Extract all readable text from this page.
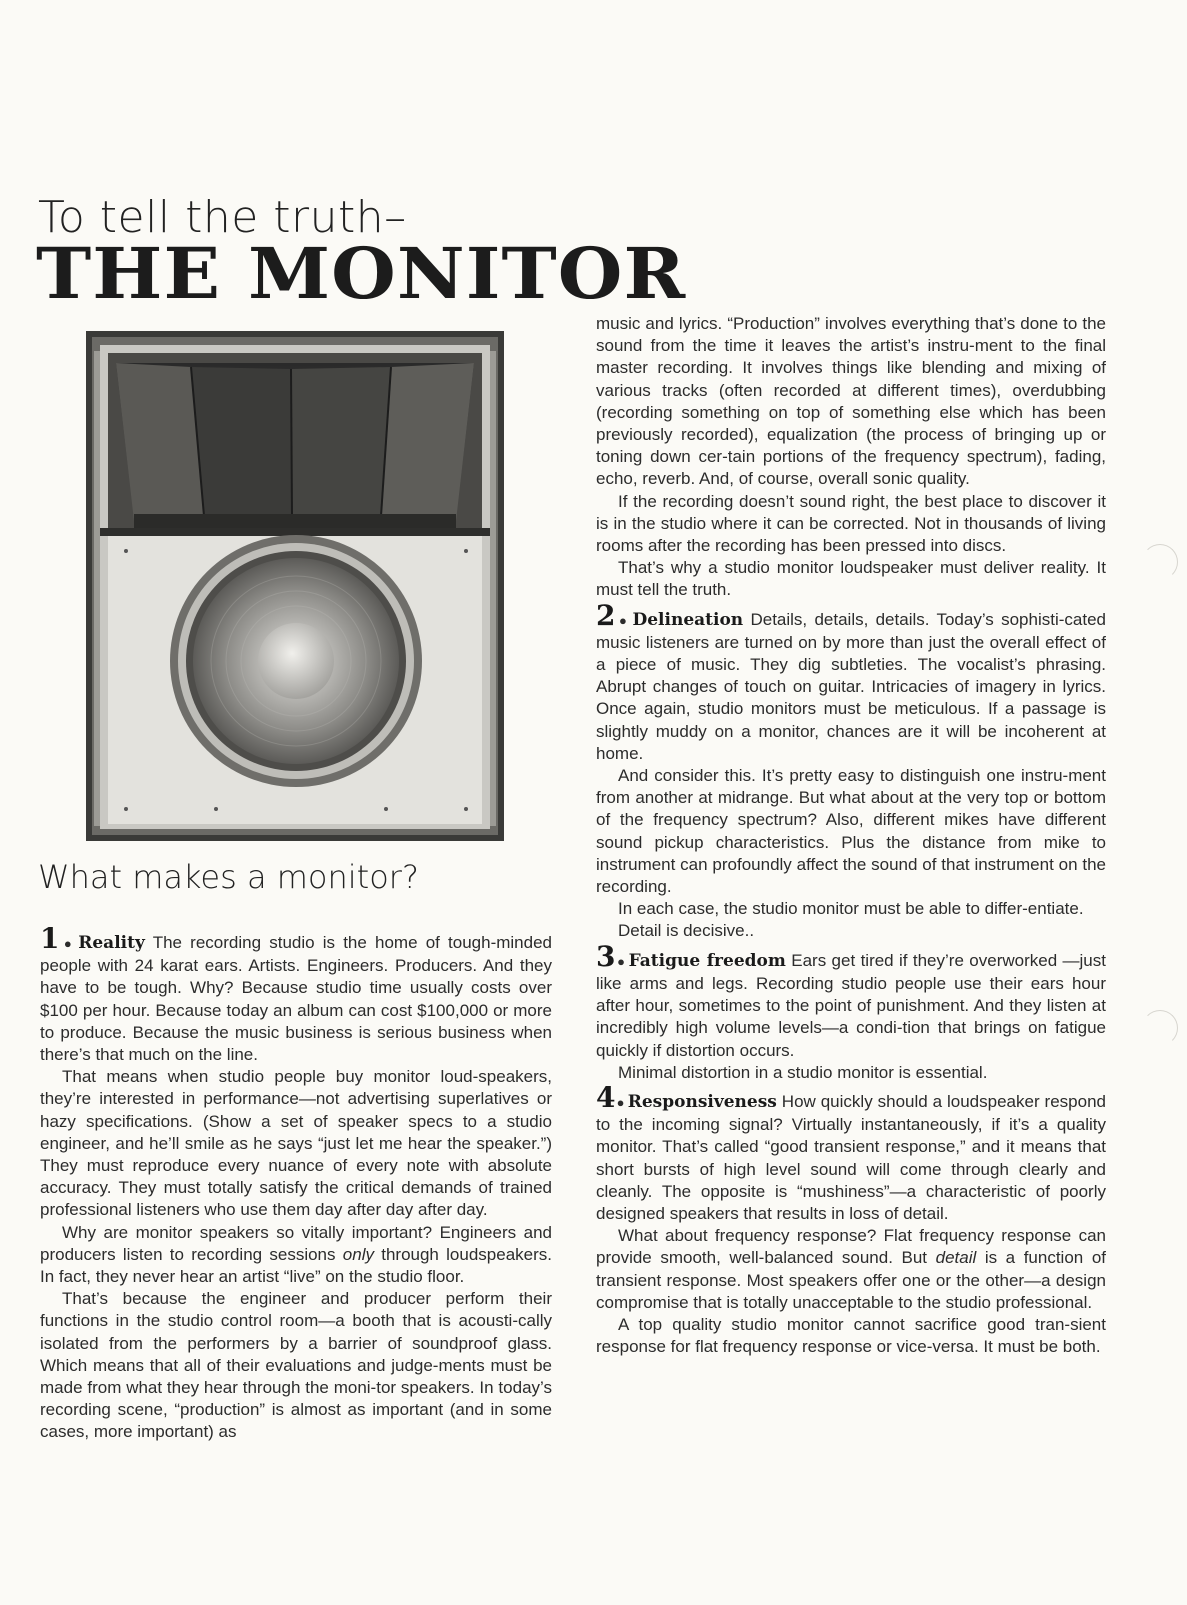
To tell the truth–
THE MONITOR
What makes a monitor?

1● Reality The recording studio is the home of tough-minded people with 24 karat ears. Artists. Engineers. Producers. And they have to be tough. Why? Because studio time usually costs over $100 per hour. Because today an album can cost $100,000 or more to produce. Because the music business is serious business when there’s that much on the line.

That means when studio people buy monitor loud-speakers, they’re interested in performance—not advertising superlatives or hazy specifications. (Show a set of speaker specs to a studio engineer, and he’ll smile as he says “just let me hear the speaker.”) They must reproduce every nuance of every note with absolute accuracy. They must totally satisfy the critical demands of trained professional listeners who use them day after day after day.

Why are monitor speakers so vitally important? Engineers and producers listen to recording sessions only through loudspeakers. In fact, they never hear an artist “live” on the studio floor.

That’s because the engineer and producer perform their functions in the studio control room—a booth that is acousti-cally isolated from the performers by a barrier of soundproof glass. Which means that all of their evaluations and judge-ments must be made from what they hear through the moni-tor speakers. In today’s recording scene, “production” is almost as important (and in some cases, more important) as

music and lyrics. “Production” involves everything that’s done to the sound from the time it leaves the artist’s instru-ment to the final master recording. It involves things like blending and mixing of various tracks (often recorded at different times), overdubbing (recording something on top of something else which has been previously recorded), equalization (the process of bringing up or toning down cer-tain portions of the frequency spectrum), fading, echo, reverb. And, of course, overall sonic quality.

If the recording doesn’t sound right, the best place to discover it is in the studio where it can be corrected. Not in thousands of living rooms after the recording has been pressed into discs.

That’s why a studio monitor loudspeaker must deliver reality. It must tell the truth.

2● Delineation Details, details, details. Today’s sophisti-cated music listeners are turned on by more than just the overall effect of a piece of music. They dig subtleties. The vocalist’s phrasing. Abrupt changes of touch on guitar. Intricacies of imagery in lyrics. Once again, studio monitors must be meticulous. If a passage is slightly muddy on a monitor, chances are it will be incoherent at home.

And consider this. It’s pretty easy to distinguish one instru-ment from another at midrange. But what about at the very top or bottom of the frequency spectrum? Also, different mikes have different sound pickup characteristics. Plus the distance from mike to instrument can profoundly affect the sound of that instrument on the recording.

In each case, the studio monitor must be able to differ-entiate.

Detail is decisive..

3● Fatigue freedom Ears get tired if they’re overworked —just like arms and legs. Recording studio people use their ears hour after hour, sometimes to the point of punishment. And they listen at incredibly high volume levels—a condi-tion that brings on fatigue quickly if distortion occurs.

Minimal distortion in a studio monitor is essential.

4● Responsiveness How quickly should a loudspeaker respond to the incoming signal? Virtually instantaneously, if it’s a quality monitor. That’s called “good transient response,” and it means that short bursts of high level sound will come through clearly and cleanly. The opposite is “mushiness”—a characteristic of poorly designed speakers that results in loss of detail.

What about frequency response? Flat frequency response can provide smooth, well-balanced sound. But detail is a function of transient response. Most speakers offer one or the other—a design compromise that is totally unacceptable to the studio professional.

A top quality studio monitor cannot sacrifice good tran-sient response for flat frequency response or vice-versa. It must be both.
